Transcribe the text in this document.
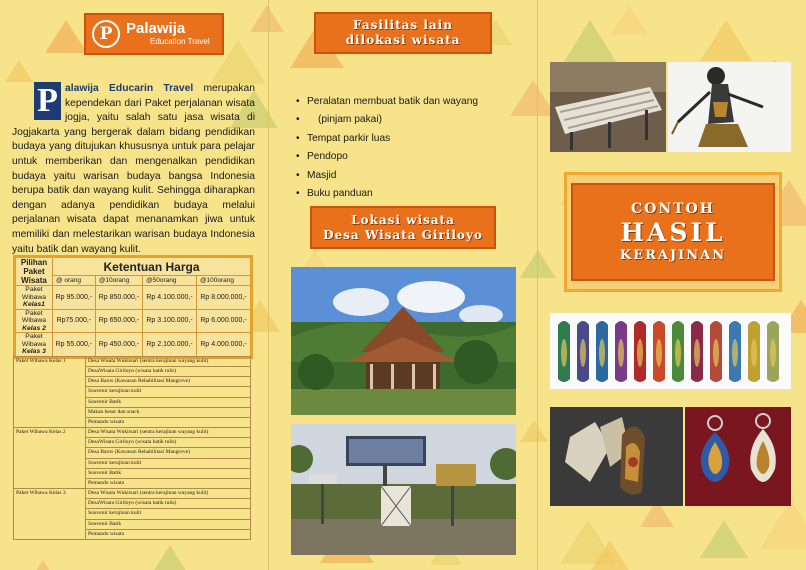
P Palawija
Education Travel

P alawija Educarin Travel merupakan kependekan dari Paket perjalanan wisata jogja, yaitu salah satu jasa wisata di Jogjakarta yang bergerak dalam bidang pendidikan budaya yang ditujukan khususnya untuk para pelajar untuk memberikan dan mengenalkan pendidikan budaya yaitu warisan budaya bangsa Indonesia berupa batik dan wayang kulit. Sehingga diharapkan dengan adanya pendidikan budaya melalui perjalanan wisata dapat menanamkan jiwa untuk memiliki dan melestarikan warisan budaya Indonesia yaitu batik dan wayang kulit.

Pilihan Paket Wisata	Ketentuan Harga			
	@ orang	@10orang	@50orang	@100orang
Paket Wibawa
Kelas1	Rp 95.000,-	Rp 850.000,-	Rp 4.100.000,-	Rp 8.000.000,-
Paket Wibawa
Kelas 2	Rp75.000,-	Rp 650.000,-	Rp 3.100.000,-	Rp 6.000.000,-
Paket Wibawa
Kelas 3	Rp 55.000,-	Rp 450.000,-	Rp 2.100.000,-	Rp 4.000.000,-
Paket Wibawa Kelas 1	Desa Wisata Wukirsari (sentra kerajinan wayang kulit)
	DesaWisata Giriloyo (wisata batik tulis)
	Desa Baros (Kawasan Rehabilitasi Mangrove)
	Souvenir kerajinan kulit
	Souvenir Batik
	Makan besar dan snack
	Pemandu wisata
Paket Wibawa Kelas 2	Desa Wisata Wukirsari (sentra kerajinan wayang kulit)
	DesaWisata Giriloyo (wisata batik tulis)
	Desa Baros (Kawasan Rehabilitasi Mangrove)
	Souvenir kerajinan kulit
	Souvenir Batik
	Pemandu wisata
Paket Wibawa Kelas 3	Desa Wisata Wukirsari (sentra kerajinan wayang kulit)
	DesaWisata Giriloyo (wisata batik tulis)
	Souvenir kerajinan kulit
	Souvenir Batik
	Pemandu wisata
Fasilitas lain
dilokasi wisata
• Peralatan membuat batik dan wayang
• (pinjam pakai)
• Tempat parkir luas
• Pendopo
• Masjid
• Buku panduan
Lokasi wisata
Desa Wisata Giriloyo
CONTOH
HASIL
KERAJINAN
